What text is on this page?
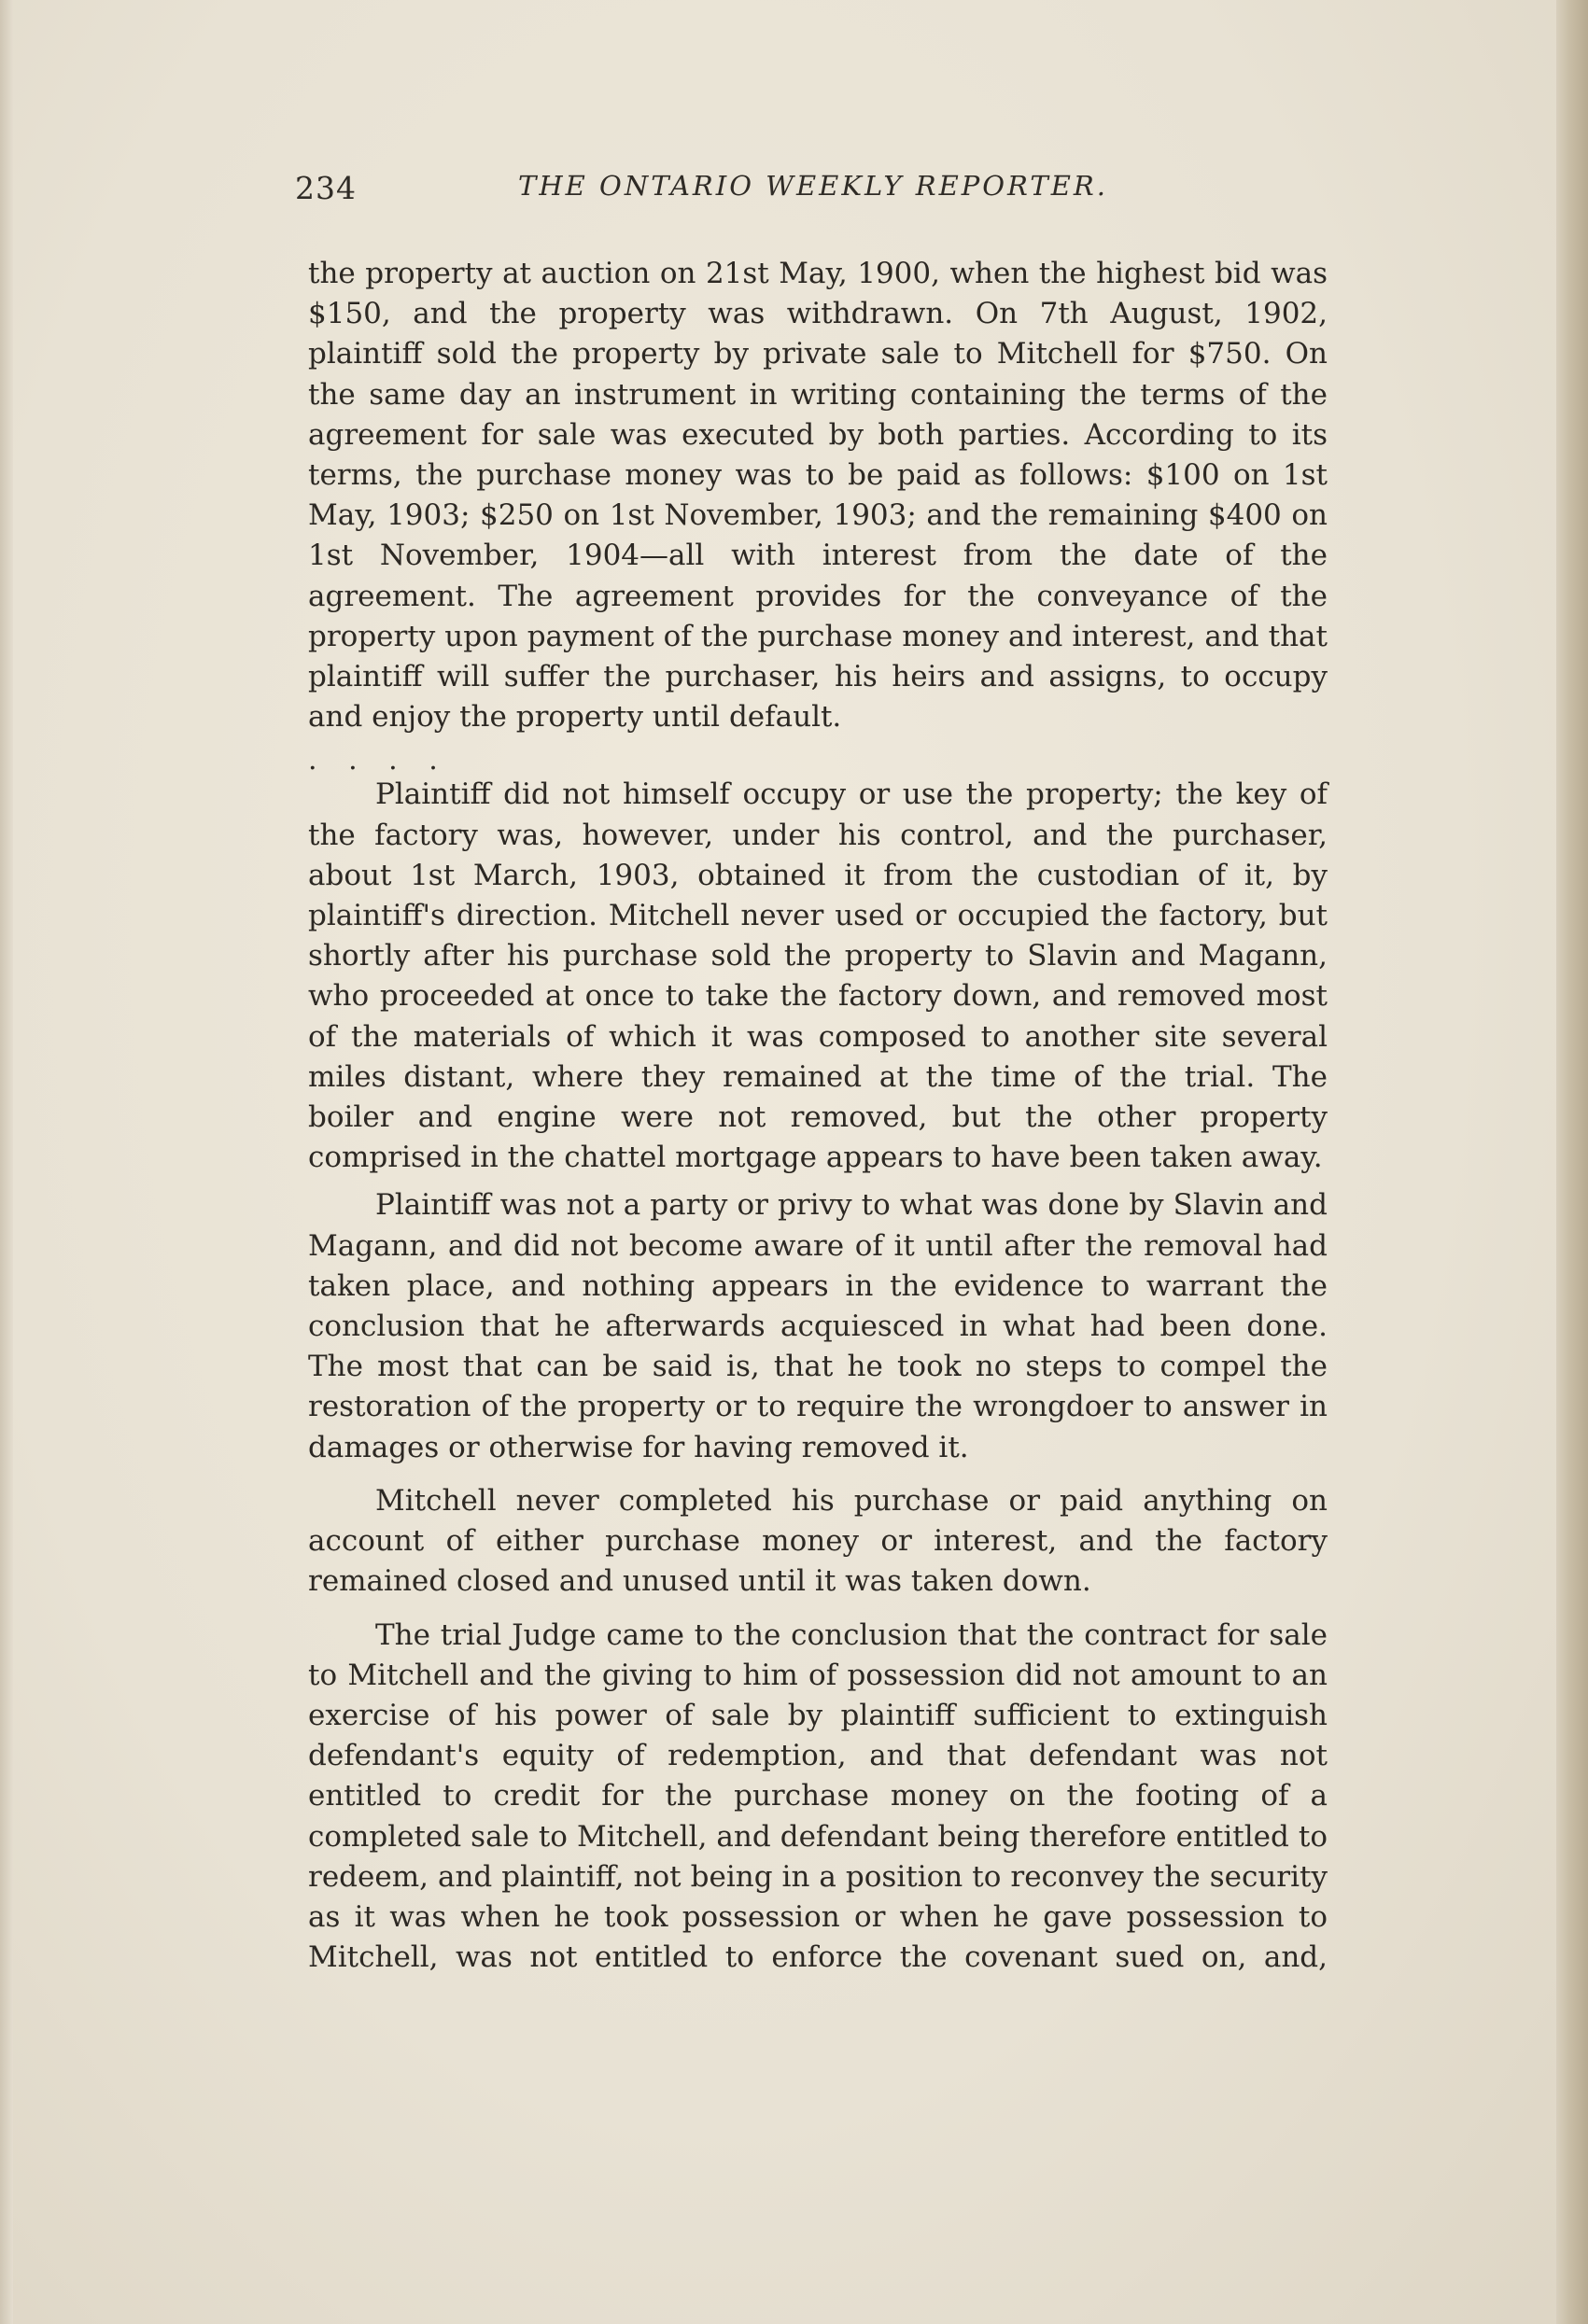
234	THE ONTARIO WEEKLY REPORTER.

the property at auction on 21st May, 1900, when the highest bid was $150, and the property was withdrawn. On 7th August, 1902, plaintiff sold the property by private sale to Mitchell for $750. On the same day an instrument in writing containing the terms of the agreement for sale was executed by both parties. According to its terms, the purchase money was to be paid as follows: $100 on 1st May, 1903; $250 on 1st November, 1903; and the remaining $400 on 1st November, 1904—all with interest from the date of the agreement. The agreement provides for the conveyance of the property upon payment of the purchase money and interest, and that plaintiff will suffer the purchaser, his heirs and assigns, to occupy and enjoy the property until default.

. . . .

Plaintiff did not himself occupy or use the property; the key of the factory was, however, under his control, and the purchaser, about 1st March, 1903, obtained it from the custodian of it, by plaintiff's direction. Mitchell never used or occupied the factory, but shortly after his purchase sold the property to Slavin and Magann, who proceeded at once to take the factory down, and removed most of the materials of which it was composed to another site several miles distant, where they remained at the time of the trial. The boiler and engine were not removed, but the other property comprised in the chattel mortgage appears to have been taken away.

Plaintiff was not a party or privy to what was done by Slavin and Magann, and did not become aware of it until after the removal had taken place, and nothing appears in the evidence to warrant the conclusion that he afterwards acquiesced in what had been done. The most that can be said is, that he took no steps to compel the restoration of the property or to require the wrongdoer to answer in damages or otherwise for having removed it.

Mitchell never completed his purchase or paid anything on account of either purchase money or interest, and the factory remained closed and unused until it was taken down.

The trial Judge came to the conclusion that the contract for sale to Mitchell and the giving to him of possession did not amount to an exercise of his power of sale by plaintiff sufficient to extinguish defendant's equity of redemption, and that defendant was not entitled to credit for the purchase money on the footing of a completed sale to Mitchell, and defendant being therefore entitled to redeem, and plaintiff, not being in a position to reconvey the security as it was when he took possession or when he gave possession to Mitchell, was not entitled to enforce the covenant sued on, and,
